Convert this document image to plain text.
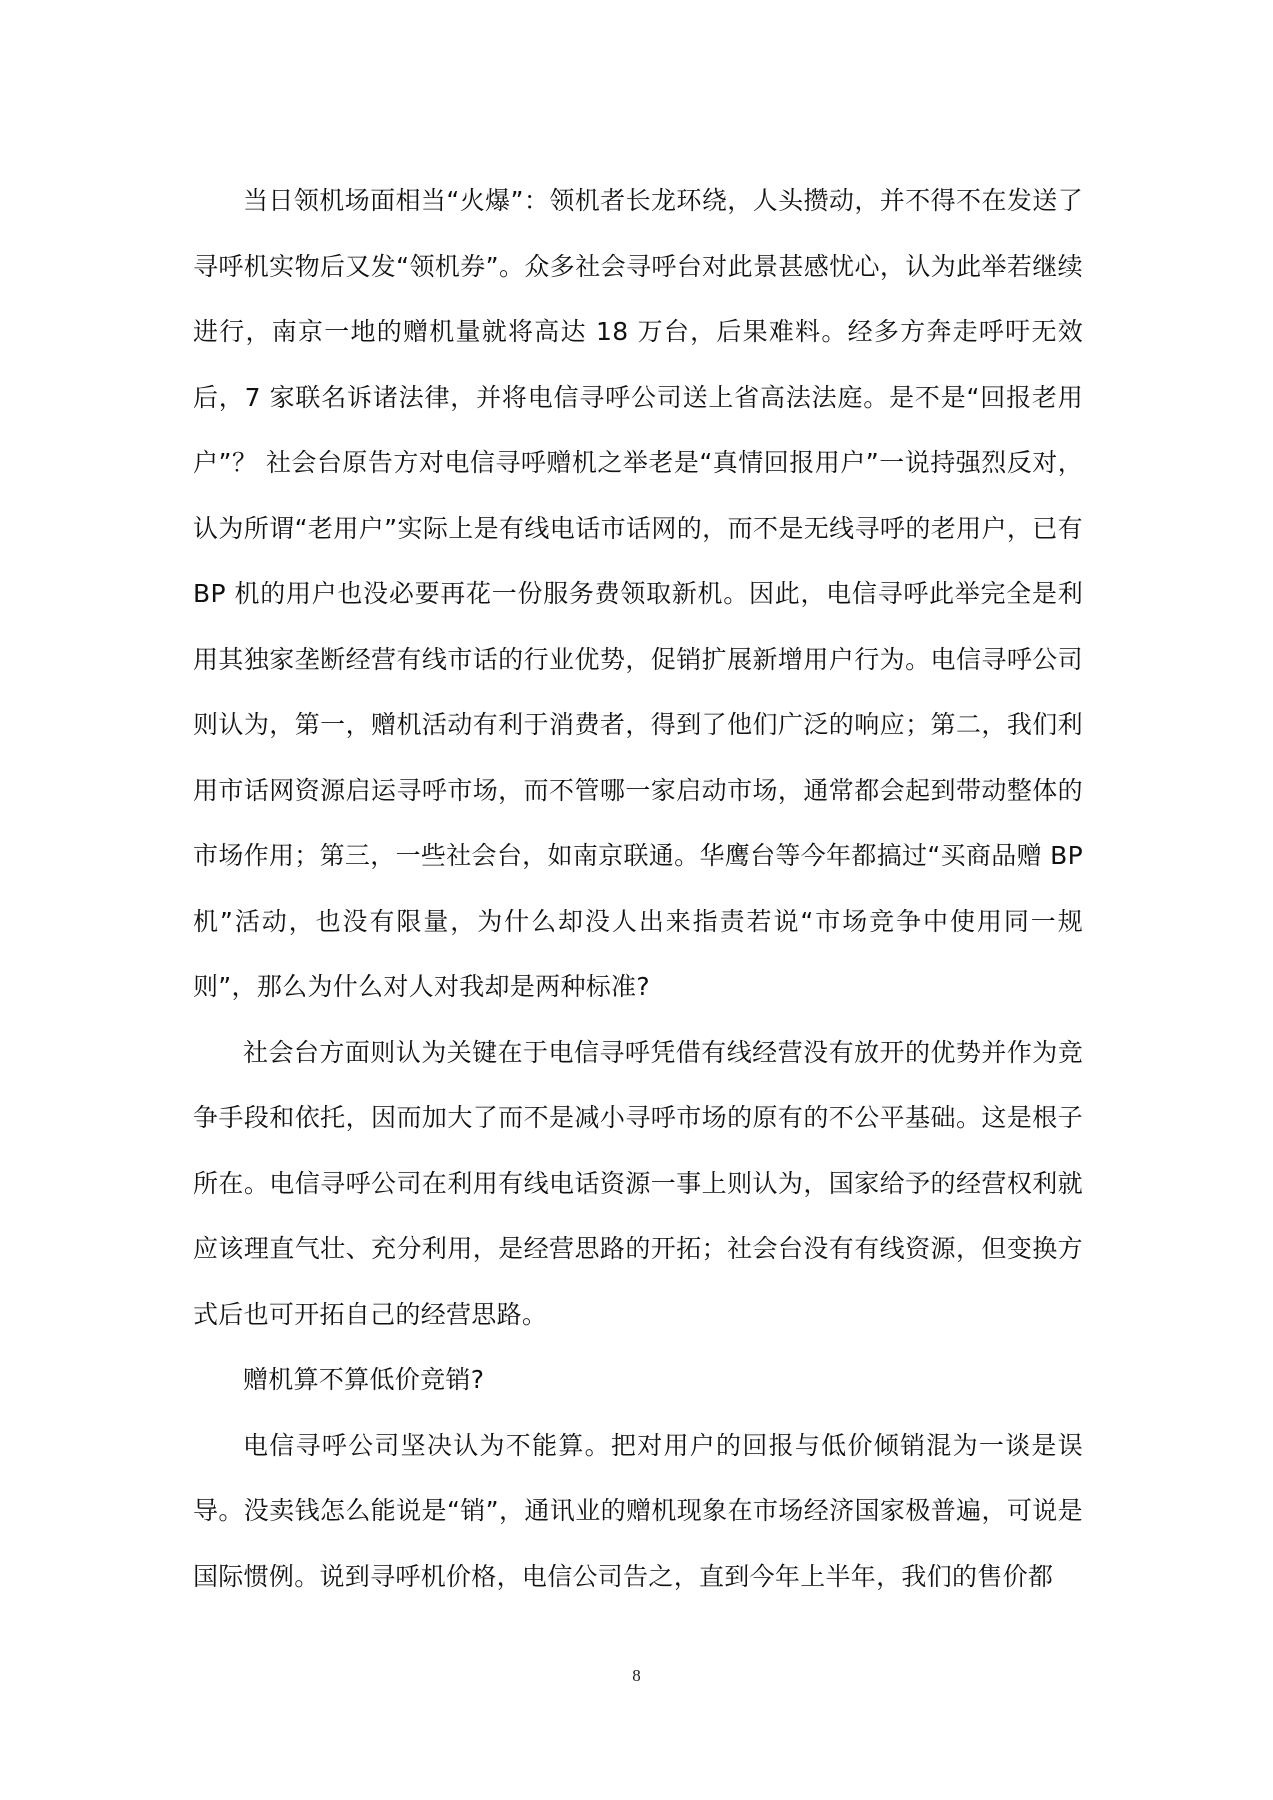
当日领机场面相当“火爆”：领机者长龙环绕，人头攒动，并不得不在发送了寻呼机实物后又发“领机券”。众多社会寻呼台对此景甚感忧心，认为此举若继续进行，南京一地的赠机量就将高达 18 万台，后果难料。经多方奔走呼吁无效后，7 家联名诉诸法律，并将电信寻呼公司送上省高法法庭。是不是“回报老用户”？ 社会台原告方对电信寻呼赠机之举老是“真情回报用户”一说持强烈反对，认为所谓“老用户”实际上是有线电话市话网的，而不是无线寻呼的老用户，已有 BP 机的用户也没必要再花一份服务费领取新机。因此，电信寻呼此举完全是利用其独家垄断经营有线市话的行业优势，促销扩展新增用户行为。电信寻呼公司则认为，第一，赠机活动有利于消费者，得到了他们广泛的响应；第二，我们利用市话网资源启运寻呼市场，而不管哪一家启动市场，通常都会起到带动整体的市场作用；第三，一些社会台，如南京联通。华鹰台等今年都搞过“买商品赠 BP 机”活动，也没有限量，为什么却没人出来指责若说“市场竞争中使用同一规则”，那么为什么对人对我却是两种标准?

社会台方面则认为关键在于电信寻呼凭借有线经营没有放开的优势并作为竞争手段和依托，因而加大了而不是减小寻呼市场的原有的不公平基础。这是根子所在。电信寻呼公司在利用有线电话资源一事上则认为，国家给予的经营权利就应该理直气壮、充分利用，是经营思路的开拓；社会台没有有线资源，但变换方式后也可开拓自己的经营思路。

赠机算不算低价竞销?

电信寻呼公司坚决认为不能算。把对用户的回报与低价倾销混为一谈是误导。没卖钱怎么能说是“销”，通讯业的赠机现象在市场经济国家极普遍，可说是国际惯例。说到寻呼机价格，电信公司告之，直到今年上半年，我们的售价都

8
